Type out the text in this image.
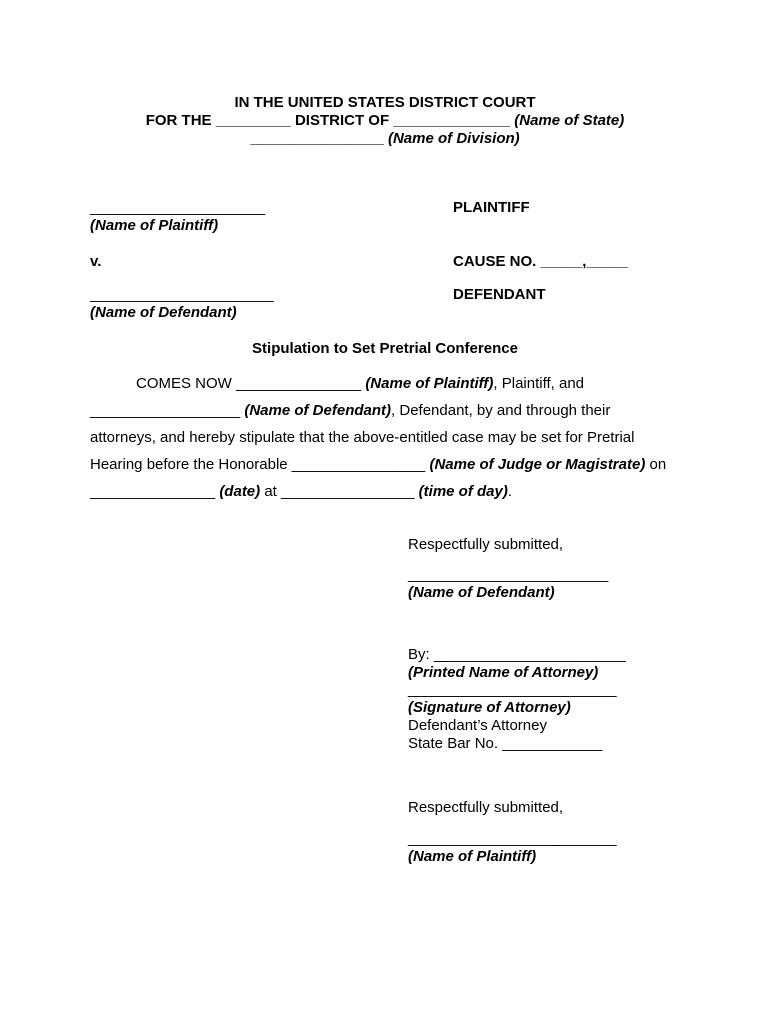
IN THE UNITED STATES DISTRICT COURT
FOR THE _________ DISTRICT OF ______________ (Name of State)
________________ (Name of Division)
_____________________
(Name of Plaintiff)
PLAINTIFF
v.	CAUSE NO. _____,_____
______________________
(Name of Defendant)
DEFENDANT
Stipulation to Set Pretrial Conference
COMES NOW _______________ (Name of Plaintiff), Plaintiff, and
__________________ (Name of Defendant), Defendant, by and through their
attorneys, and hereby stipulate that the above-entitled case may be set for Pretrial
Hearing before the Honorable ________________ (Name of Judge or Magistrate) on
_______________ (date) at ________________ (time of day).
Respectfully submitted,
________________________
(Name of Defendant)
By: _______________________
(Printed Name of Attorney)
_________________________
(Signature of Attorney)
Defendant’s Attorney
State Bar No. ____________
Respectfully submitted,
_________________________
(Name of Plaintiff)
